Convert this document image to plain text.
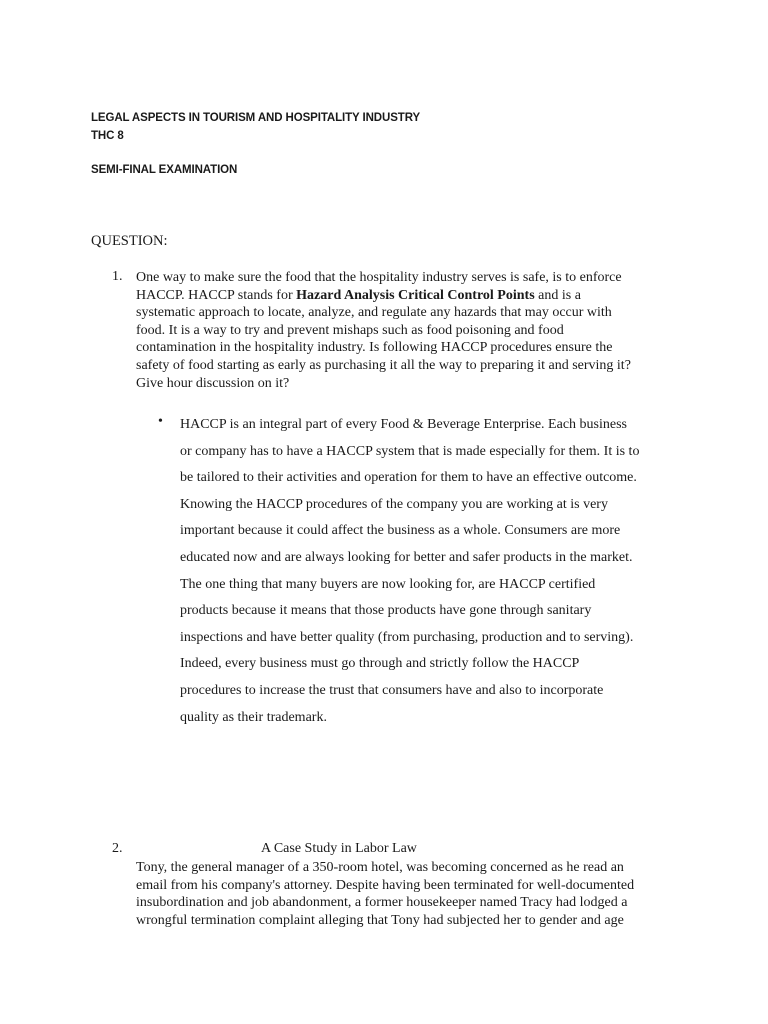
LEGAL ASPECTS IN TOURISM AND HOSPITALITY INDUSTRY
THC 8
SEMI-FINAL EXAMINATION
QUESTION:
1. One way to make sure the food that the hospitality industry serves is safe, is to enforce
HACCP. HACCP stands for Hazard Analysis Critical Control Points and is a
systematic approach to locate, analyze, and regulate any hazards that may occur with
food. It is a way to try and prevent mishaps such as food poisoning and food
contamination in the hospitality industry. Is following HACCP procedures ensure the
safety of food starting as early as purchasing it all the way to preparing it and serving it?
Give hour discussion on it?
• HACCP is an integral part of every Food & Beverage Enterprise. Each business
or company has to have a HACCP system that is made especially for them. It is to
be tailored to their activities and operation for them to have an effective outcome.
Knowing the HACCP procedures of the company you are working at is very
important because it could affect the business as a whole. Consumers are more
educated now and are always looking for better and safer products in the market.
The one thing that many buyers are now looking for, are HACCP certified
products because it means that those products have gone through sanitary
inspections and have better quality (from purchasing, production and to serving).
Indeed, every business must go through and strictly follow the HACCP
procedures to increase the trust that consumers have and also to incorporate
quality as their trademark.
2.	A Case Study in Labor Law
Tony, the general manager of a 350-room hotel, was becoming concerned as he read an
email from his company's attorney. Despite having been terminated for well-documented
insubordination and job abandonment, a former housekeeper named Tracy had lodged a
wrongful termination complaint alleging that Tony had subjected her to gender and age
